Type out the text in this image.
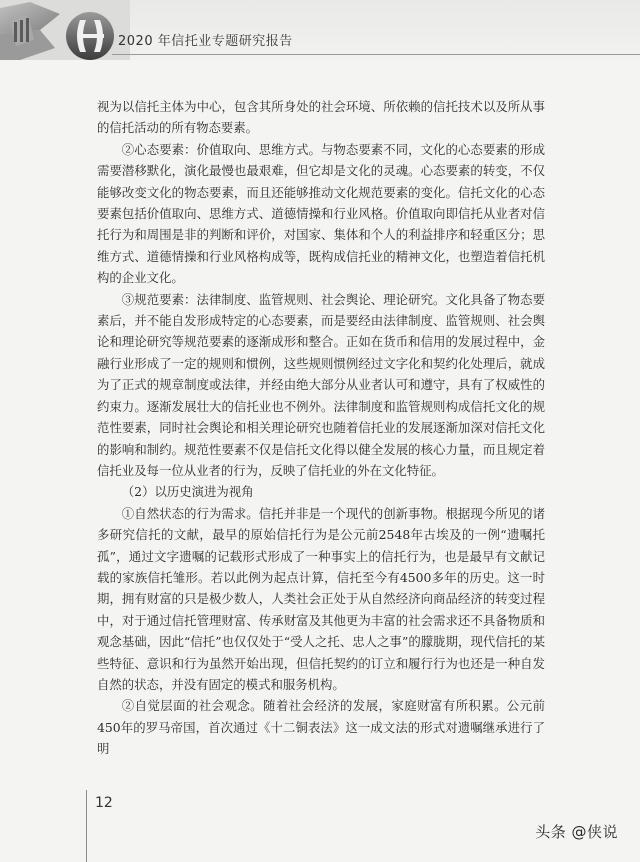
2020 年信托业专题研究报告

视为以信托主体为中心，包含其所身处的社会环境、所依赖的信托技术以及所从事的信托活动的所有物态要素。

②心态要素：价值取向、思维方式。与物态要素不同，文化的心态要素的形成需要潜移默化，演化最慢也最艰难，但它却是文化的灵魂。心态要素的转变，不仅能够改变文化的物态要素，而且还能够推动文化规范要素的变化。信托文化的心态要素包括价值取向、思维方式、道德情操和行业风格。价值取向即信托从业者对信托行为和周围是非的判断和评价，对国家、集体和个人的利益排序和轻重区分；思维方式、道德情操和行业风格构成等，既构成信托业的精神文化，也塑造着信托机构的企业文化。

③规范要素：法律制度、监管规则、社会舆论、理论研究。文化具备了物态要素后，并不能自发形成特定的心态要素，而是要经由法律制度、监管规则、社会舆论和理论研究等规范要素的逐渐成形和整合。正如在货币和信用的发展过程中，金融行业形成了一定的规则和惯例，这些规则惯例经过文字化和契约化处理后，就成为了正式的规章制度或法律，并经由绝大部分从业者认可和遵守，具有了权威性的约束力。逐渐发展壮大的信托业也不例外。法律制度和监管规则构成信托文化的规范性要素，同时社会舆论和相关理论研究也随着信托业的发展逐渐加深对信托文化的影响和制约。规范性要素不仅是信托文化得以健全发展的核心力量，而且规定着信托业及每一位从业者的行为，反映了信托业的外在文化特征。

（2）以历史演进为视角

①自然状态的行为需求。信托并非是一个现代的创新事物。根据现今所见的诸多研究信托的文献，最早的原始信托行为是公元前2548年古埃及的一例“遗嘱托孤”，通过文字遗嘱的记载形式形成了一种事实上的信托行为，也是最早有文献记载的家族信托雏形。若以此例为起点计算，信托至今有4500多年的历史。这一时期，拥有财富的只是极少数人，人类社会正处于从自然经济向商品经济的转变过程中，对于通过信托管理财富、传承财富及其他更为丰富的社会需求还不具备物质和观念基础，因此“信托”也仅仅处于“受人之托、忠人之事”的朦胧期，现代信托的某些特征、意识和行为虽然开始出现，但信托契约的订立和履行行为也还是一种自发自然的状态，并没有固定的模式和服务机构。

②自觉层面的社会观念。随着社会经济的发展，家庭财富有所积累。公元前450年的罗马帝国，首次通过《十二铜表法》这一成文法的形式对遗嘱继承进行了明

12
头条 @侠说
